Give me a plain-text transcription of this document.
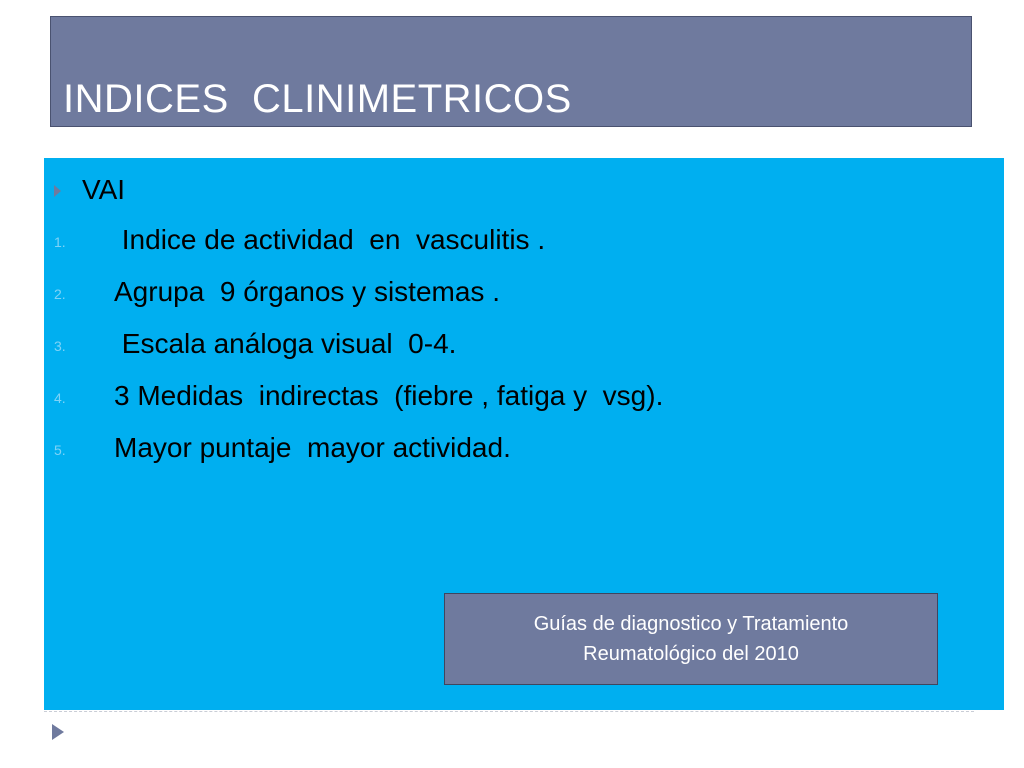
INDICES  CLINIMETRICOS
VAI
1. Indice de actividad  en  vasculitis .
2. Agrupa  9 órganos y sistemas .
3. Escala análoga visual  0-4.
4. 3 Medidas  indirectas  (fiebre , fatiga y  vsg).
5. Mayor puntaje  mayor actividad.
Guías de diagnostico y Tratamiento
Reumatológico del 2010
